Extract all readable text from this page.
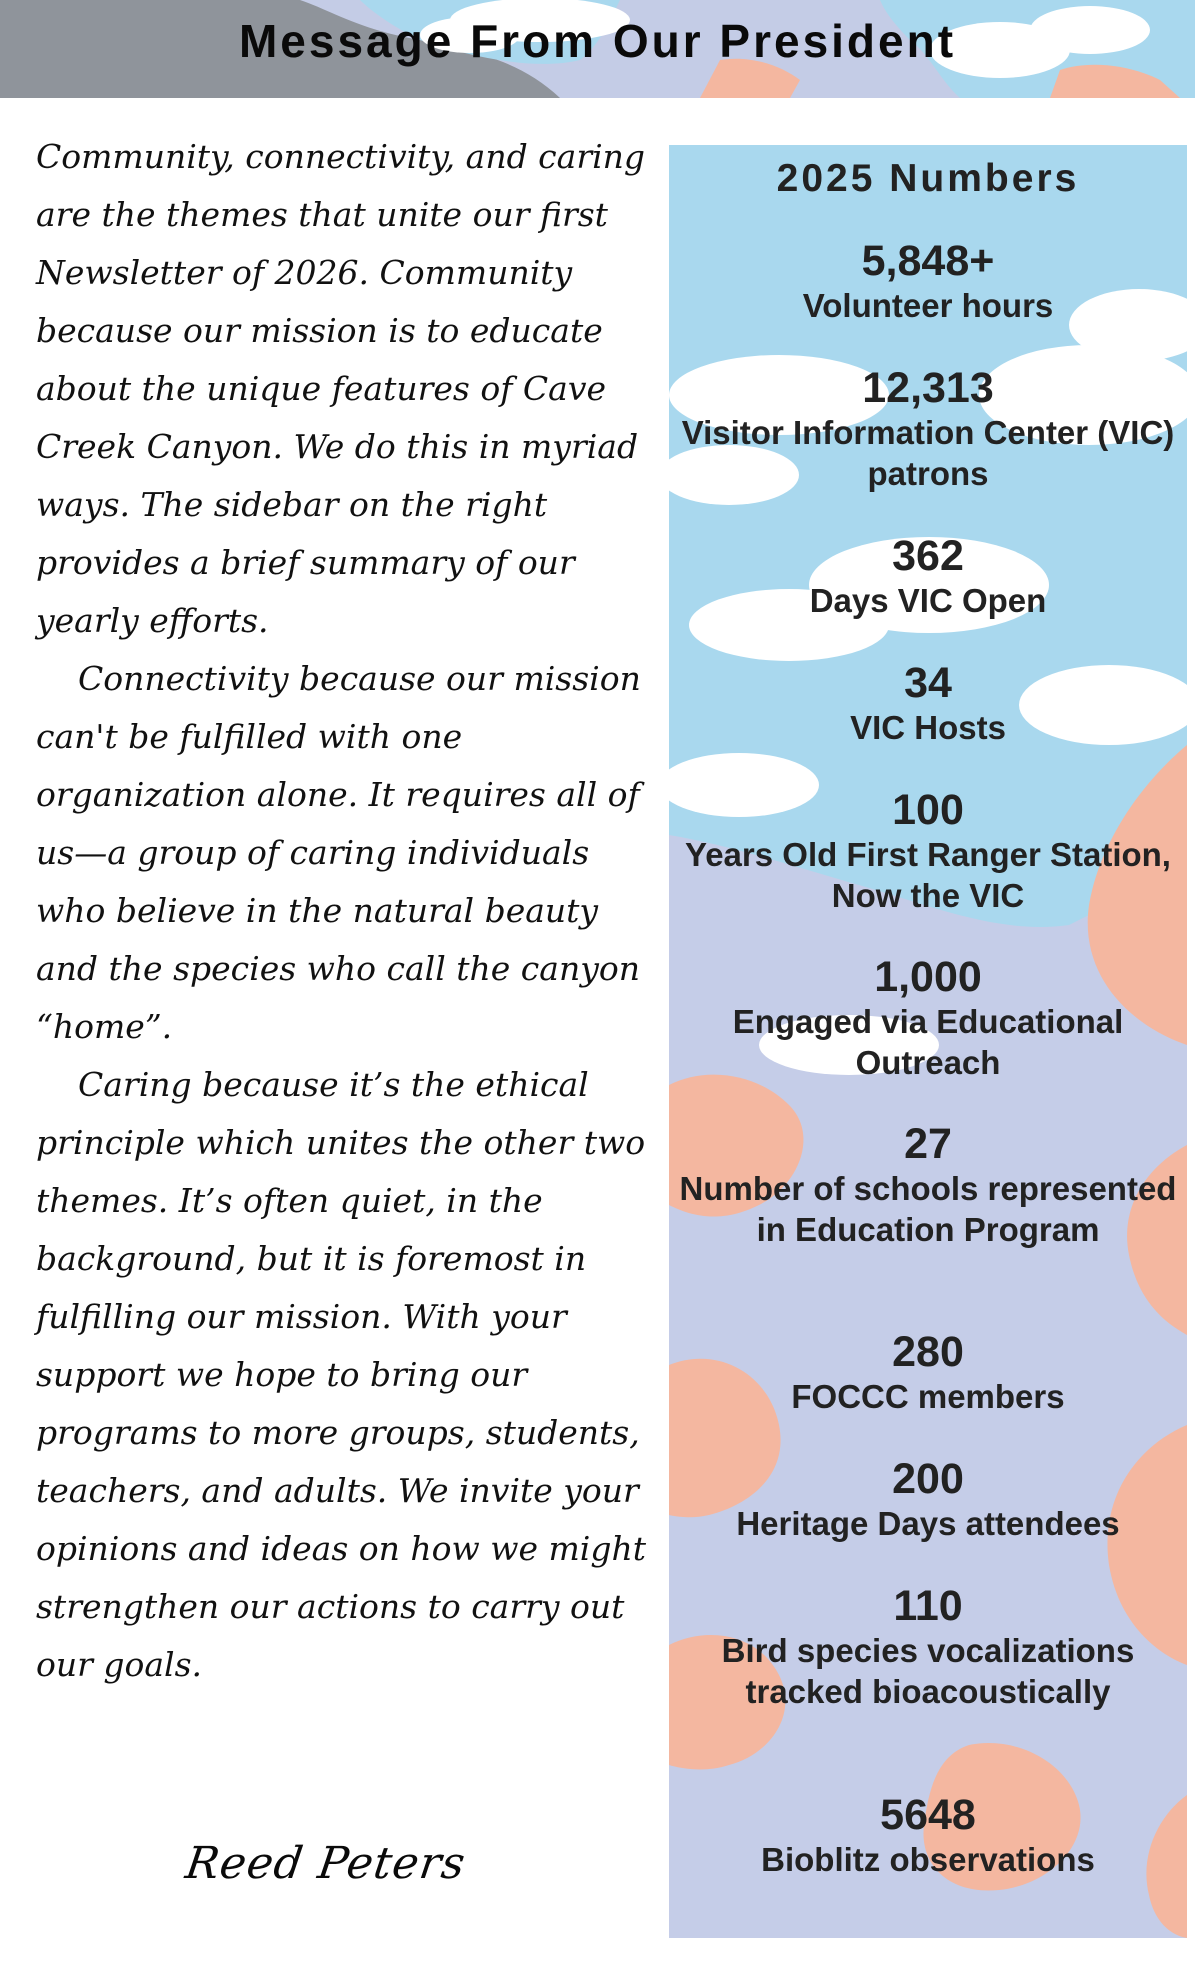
Message From Our President

Community, connectivity, and caring are the themes that unite our first Newsletter of 2026. Community because our mission is to educate about the unique features of Cave Creek Canyon. We do this in myriad ways. The sidebar on the right provides a brief summary of our yearly efforts.

Connectivity because our mission can't be fulfilled with one organization alone. It requires all of us—a group of caring individuals who believe in the natural beauty and the species who call the canyon “home”.

Caring because it’s the ethical principle which unites the other two themes. It’s often quiet, in the background, but it is foremost in fulfilling our mission. With your support we hope to bring our programs to more groups, students, teachers, and adults. We invite your opinions and ideas on how we might strengthen our actions to carry out our goals.

Reed Peters
2025 Numbers
5,848+
Volunteer hours
12,313
Visitor Information Center (VIC) patrons
362
Days VIC Open
34
VIC Hosts
100
Years Old First Ranger Station, Now the VIC
1,000
Engaged via Educational Outreach
27
Number of schools represented in Education Program
280
FOCCC members
200
Heritage Days attendees
110
Bird species vocalizations tracked bioacoustically
5648
Bioblitz observations
